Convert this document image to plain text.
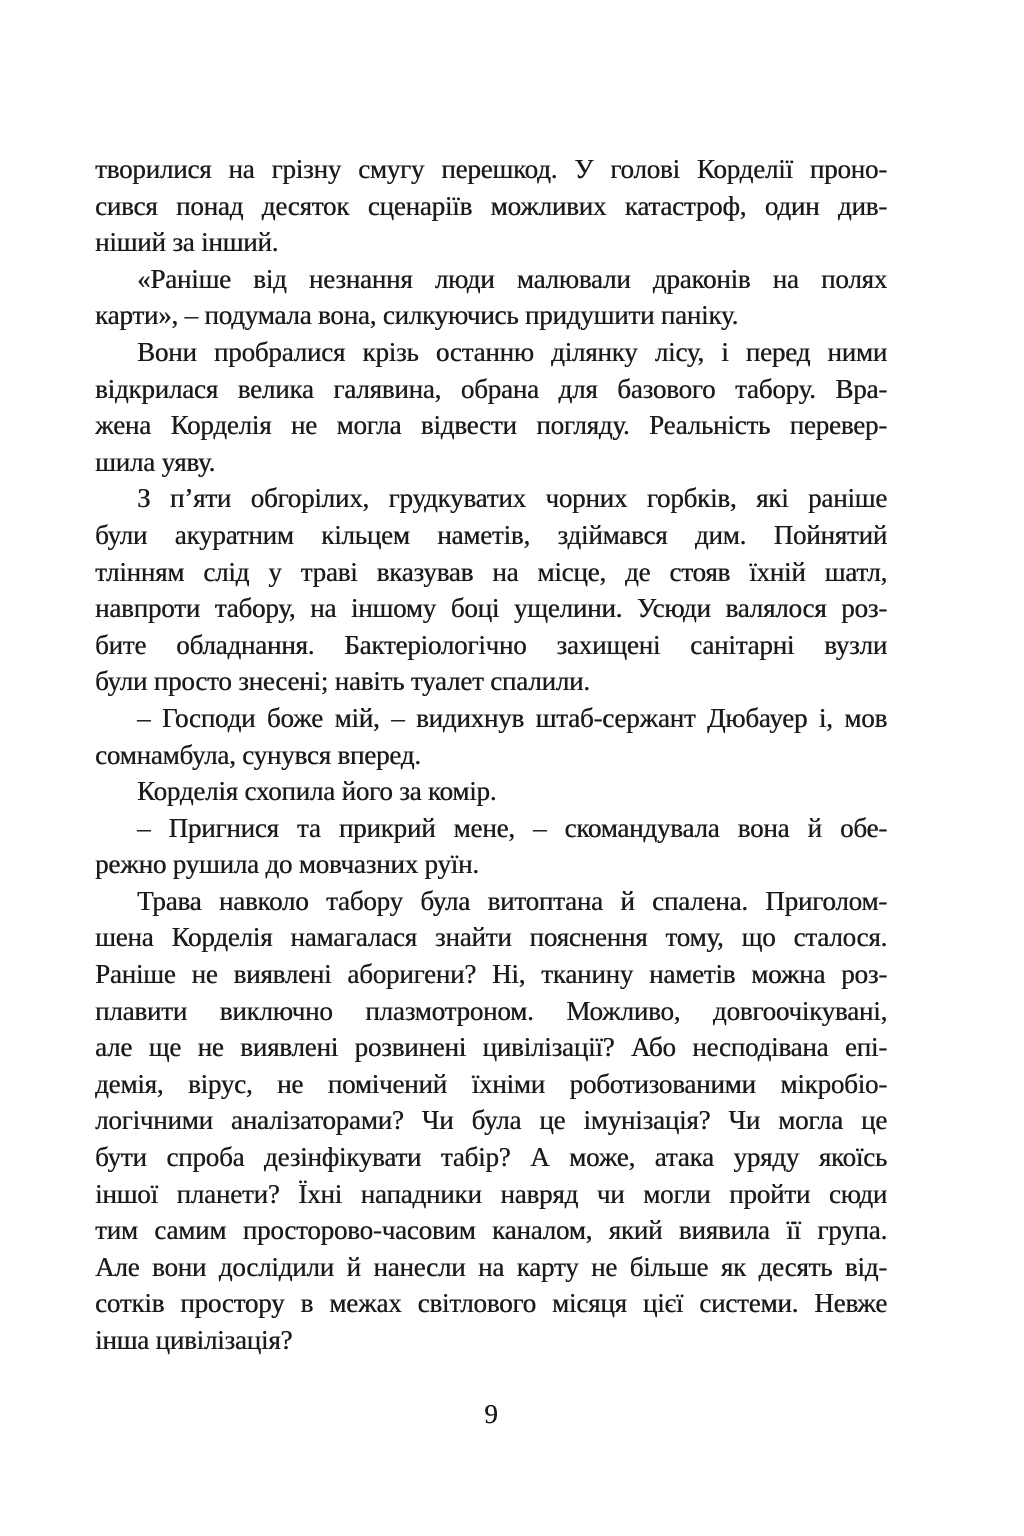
творилися на грізну смугу перешкод. У голові Корделії проно-
сився понад десяток сценаріїв можливих катастроф, один див-
ніший за інший.
«Раніше від незнання люди малювали драконів на полях
карти», – подумала вона, силкуючись придушити паніку.
Вони пробралися крізь останню ділянку лісу, і перед ними
відкрилася велика галявина, обрана для базового табору. Вра-
жена Корделія не могла відвести погляду. Реальність перевер-
шила уяву.
З п’яти обгорілих, грудкуватих чорних горбків, які раніше
були акуратним кільцем наметів, здіймався дим. Пойнятий
тлінням слід у траві вказував на місце, де стояв їхній шатл,
навпроти табору, на іншому боці ущелини. Усюди валялося роз-
бите обладнання. Бактеріологічно захищені санітарні вузли
були просто знесені; навіть туалет спалили.
– Господи боже мій, – видихнув штаб-сержант Дюбауер і, мов
сомнамбула, сунувся вперед.
Корделія схопила його за комір.
– Пригнися та прикрий мене, – скомандувала вона й обе-
режно рушила до мовчазних руїн.
Трава навколо табору була витоптана й спалена. Приголом-
шена Корделія намагалася знайти пояснення тому, що сталося.
Раніше не виявлені аборигени? Ні, тканину наметів можна роз-
плавити виключно плазмотроном. Можливо, довгоочікувані,
але ще не виявлені розвинені цивілізації? Або несподівана епі-
демія, вірус, не помічений їхніми роботизованими мікробіо-
логічними аналізаторами? Чи була це імунізація? Чи могла це
бути спроба дезінфікувати табір? А може, атака уряду якоїсь
іншої планети? Їхні нападники навряд чи могли пройти сюди
тим самим просторово-часовим каналом, який виявила її група.
Але вони дослідили й нанесли на карту не більше як десять від-
сотків простору в межах світлового місяця цієї системи. Невже
інша цивілізація?
9
